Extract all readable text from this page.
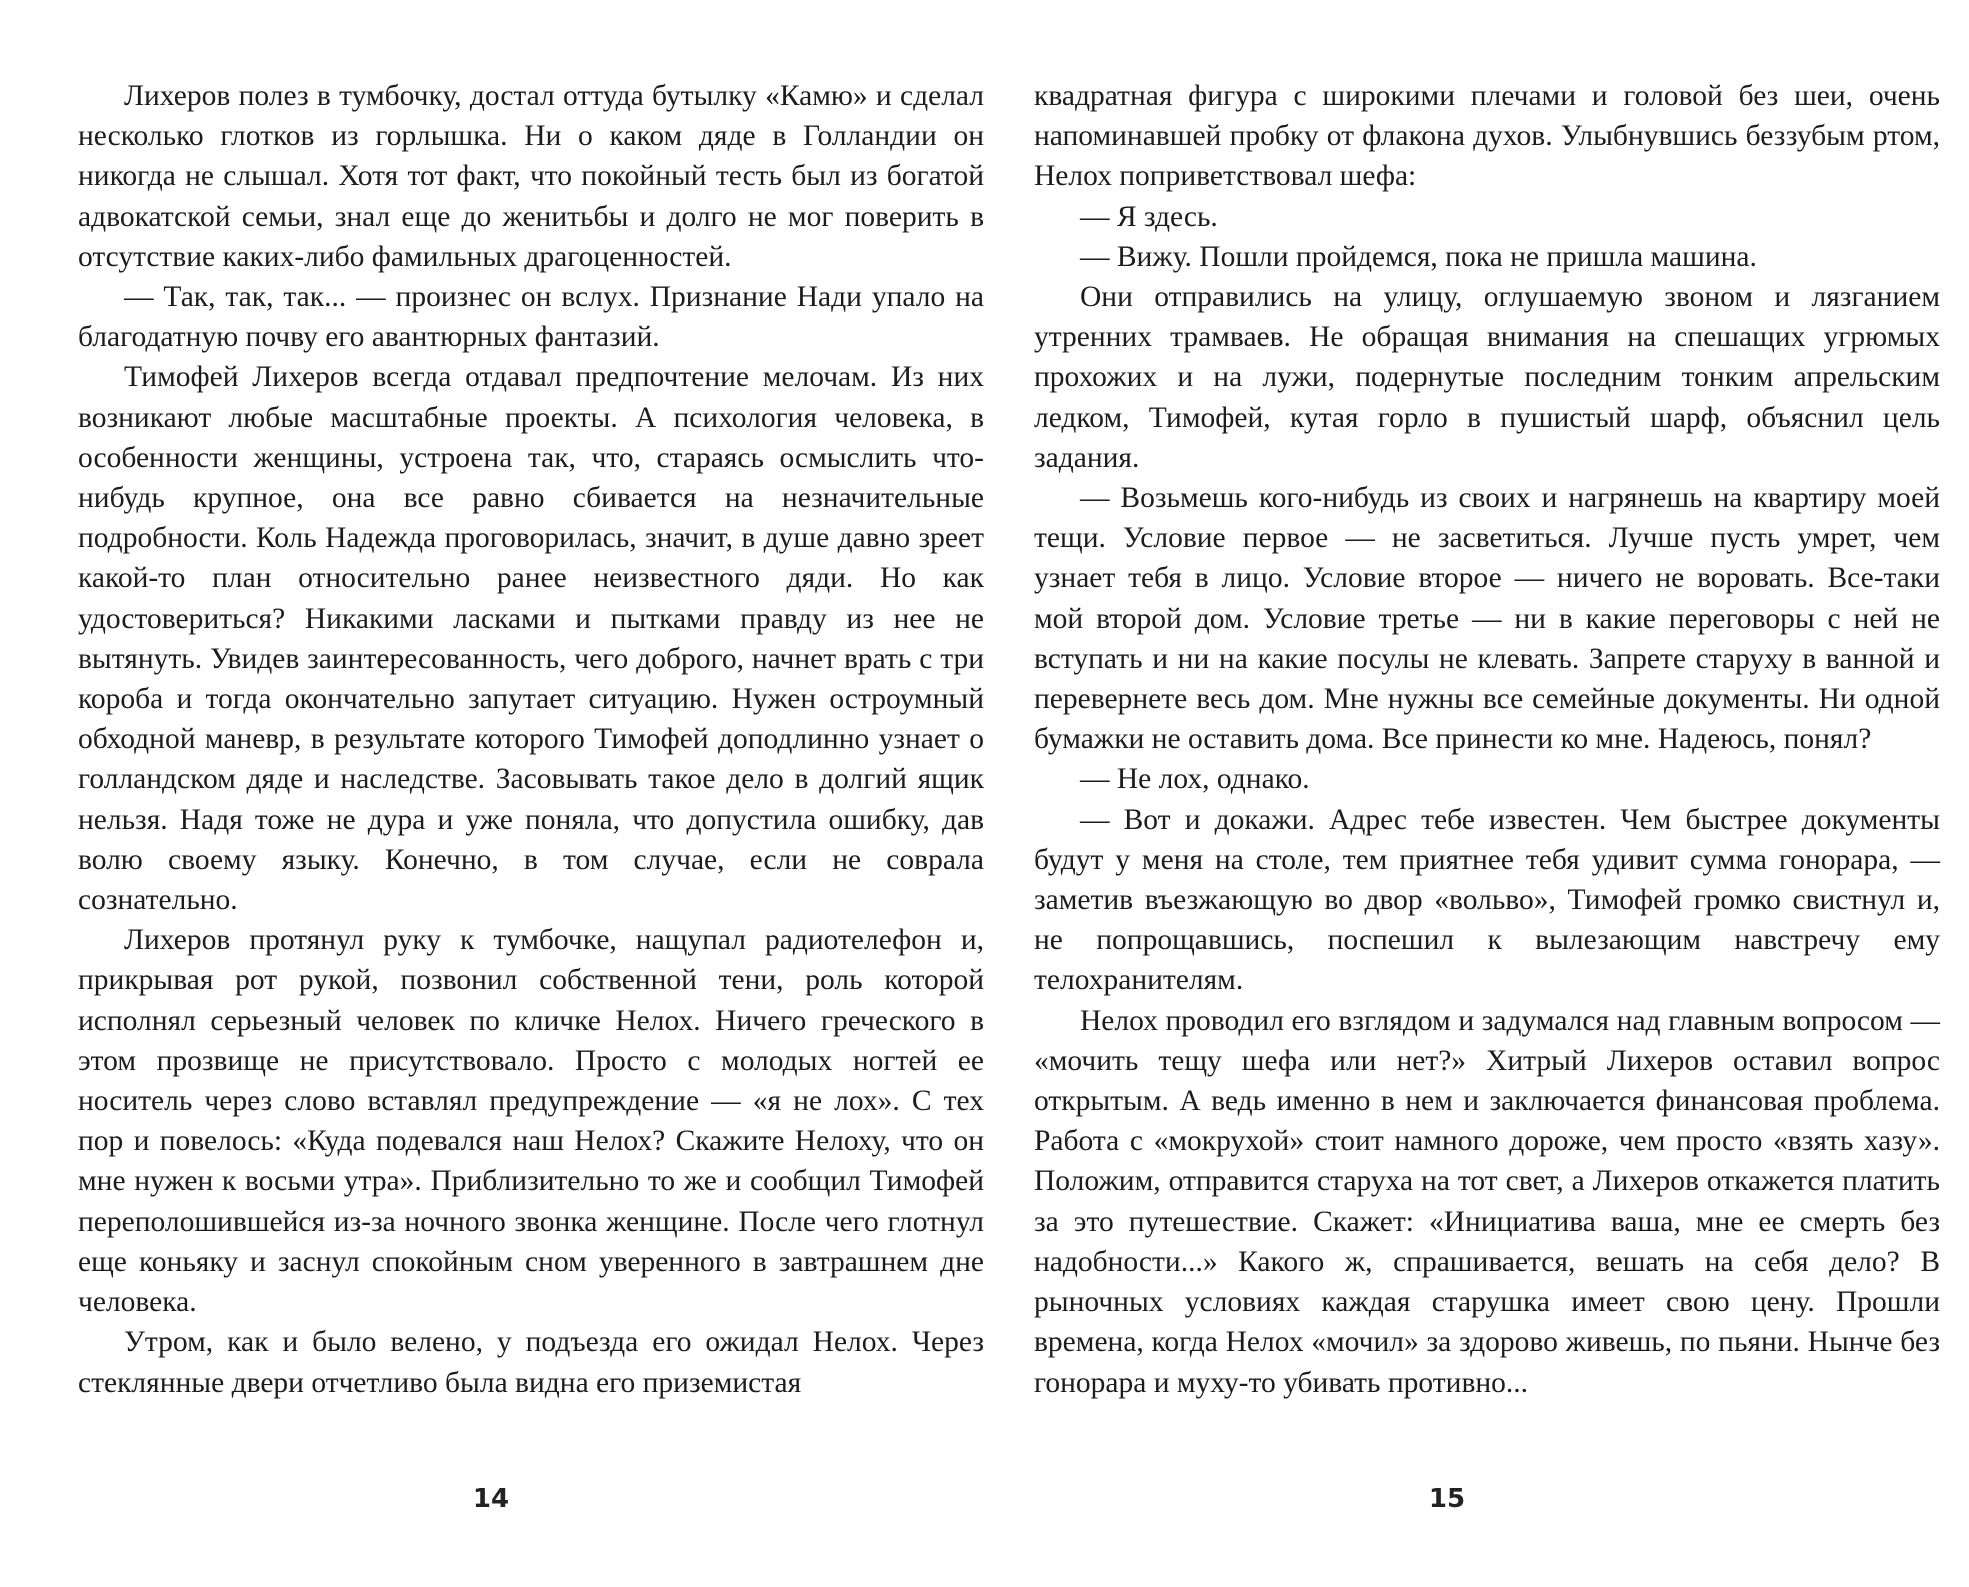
Лихеров полез в тумбочку, достал оттуда бутылку «Камю» и сделал несколько глотков из горлышка. Ни о каком дяде в Голландии он никогда не слышал. Хотя тот факт, что покойный тесть был из богатой адвокатской семьи, знал еще до женитьбы и долго не мог поверить в отсутствие каких-либо фамильных драгоценностей.

— Так, так, так... — произнес он вслух. Признание Нади упало на благодатную почву его авантюрных фантазий.

Тимофей Лихеров всегда отдавал предпочтение мелочам. Из них возникают любые масштабные проекты. А психология человека, в особенности женщины, устроена так, что, стараясь осмыслить что-нибудь крупное, она все равно сбивается на незначительные подробности. Коль Надежда проговорилась, значит, в душе давно зреет какой-то план относительно ранее неизвестного дяди. Но как удостовериться? Никакими ласками и пытками правду из нее не вытянуть. Увидев заинтересованность, чего доброго, начнет врать с три короба и тогда окончательно запутает ситуацию. Нужен остроумный обходной маневр, в результате которого Тимофей доподлинно узнает о голландском дяде и наследстве. Засовывать такое дело в долгий ящик нельзя. Надя тоже не дура и уже поняла, что допустила ошибку, дав волю своему языку. Конечно, в том случае, если не соврала сознательно.

Лихеров протянул руку к тумбочке, нащупал радиотелефон и, прикрывая рот рукой, позвонил собственной тени, роль которой исполнял серьезный человек по кличке Нелох. Ничего греческого в этом прозвище не присутствовало. Просто с молодых ногтей ее носитель через слово вставлял предупреждение — «я не лох». С тех пор и повелось: «Куда подевался наш Нелох? Скажите Нелоху, что он мне нужен к восьми утра». Приблизительно то же и сообщил Тимофей переполошившейся из-за ночного звонка женщине. После чего глотнул еще коньяку и заснул спокойным сном уверенного в завтрашнем дне человека.

Утром, как и было велено, у подъезда его ожидал Нелох. Через стеклянные двери отчетливо была видна его приземистая

14

квадратная фигура с широкими плечами и головой без шеи, очень напоминавшей пробку от флакона духов. Улыбнувшись беззубым ртом, Нелох поприветствовал шефа:

— Я здесь.

— Вижу. Пошли пройдемся, пока не пришла машина.

Они отправились на улицу, оглушаемую звоном и лязганием утренних трамваев. Не обращая внимания на спешащих угрюмых прохожих и на лужи, подернутые последним тонким апрельским ледком, Тимофей, кутая горло в пушистый шарф, объяснил цель задания.

— Возьмешь кого-нибудь из своих и нагрянешь на квартиру моей тещи. Условие первое — не засветиться. Лучше пусть умрет, чем узнает тебя в лицо. Условие второе — ничего не воровать. Все-таки мой второй дом. Условие третье — ни в какие переговоры с ней не вступать и ни на какие посулы не клевать. Запрете старуху в ванной и перевернете весь дом. Мне нужны все семейные документы. Ни одной бумажки не оставить дома. Все принести ко мне. Надеюсь, понял?

— Не лох, однако.

— Вот и докажи. Адрес тебе известен. Чем быстрее документы будут у меня на столе, тем приятнее тебя удивит сумма гонорара, — заметив въезжающую во двор «вольво», Тимофей громко свистнул и, не попрощавшись, поспешил к вылезающим навстречу ему телохранителям.

Нелох проводил его взглядом и задумался над главным вопросом — «мочить тещу шефа или нет?» Хитрый Лихеров оставил вопрос открытым. А ведь именно в нем и заключается финансовая проблема. Работа с «мокрухой» стоит намного дороже, чем просто «взять хазу». Положим, отправится старуха на тот свет, а Лихеров откажется платить за это путешествие. Скажет: «Инициатива ваша, мне ее смерть без надобности...» Какого ж, спрашивается, вешать на себя дело? В рыночных условиях каждая старушка имеет свою цену. Прошли времена, когда Нелох «мочил» за здорово живешь, по пьяни. Нынче без гонорара и муху-то убивать противно...

15
